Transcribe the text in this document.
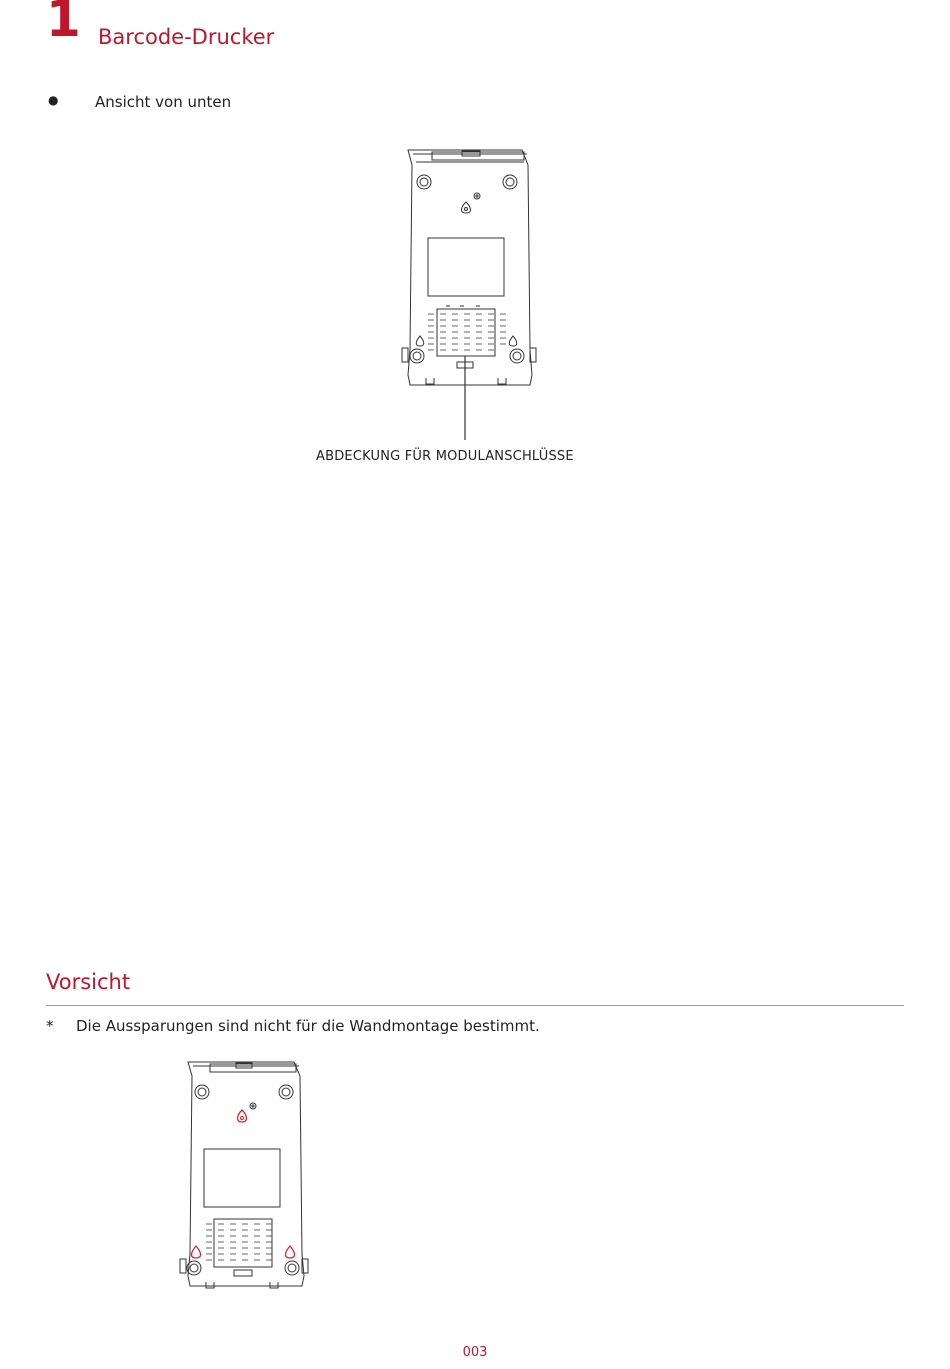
1 Barcode-Drucker
● Ansicht von unten
ABDECKUNG FÜR MODULANSCHLÜSSE
Vorsicht
* Die Aussparungen sind nicht für die Wandmontage bestimmt.
003
